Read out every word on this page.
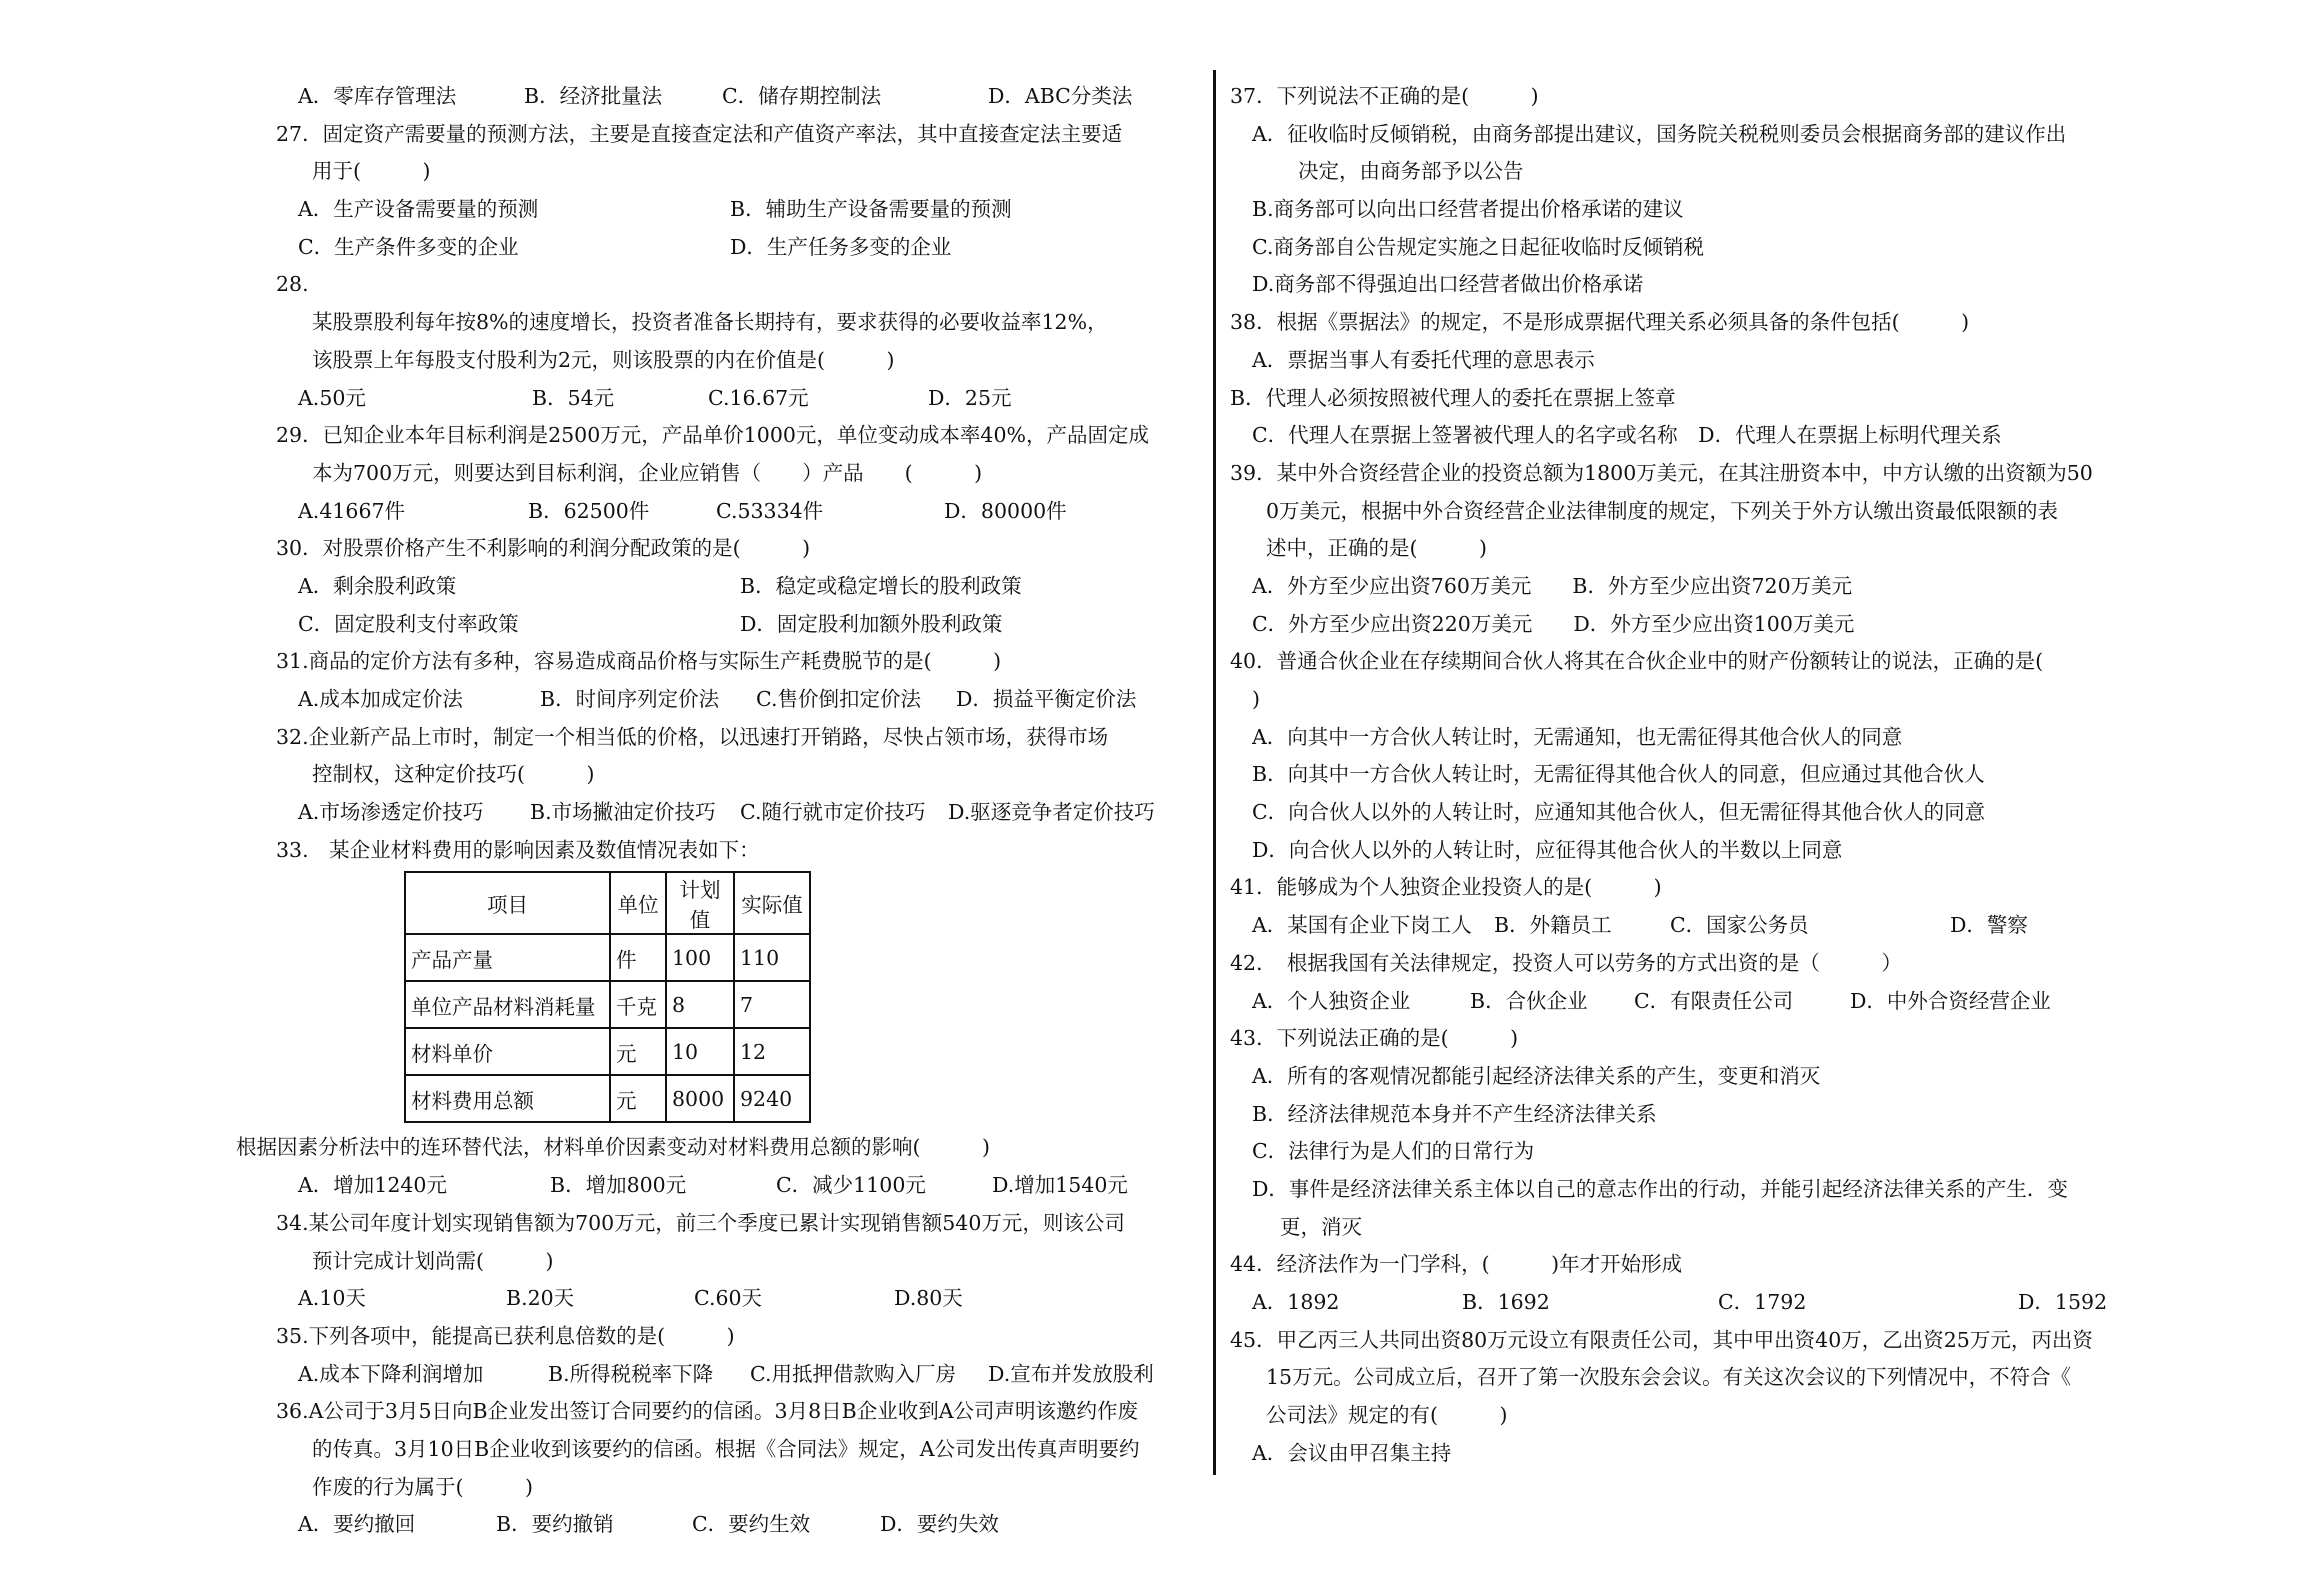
A．零库存管理法	B．经济批量法	C．储存期控制法	D．ABC分类法
27．固定资产需要量的预测方法，主要是直接查定法和产值资产率法，其中直接查定法主要适
用于(　　　)
A．生产设备需要量的预测	B．辅助生产设备需要量的预测
C．生产条件多变的企业	D．生产任务多变的企业
28.
某股票股利每年按8%的速度增长，投资者准备长期持有，要求获得的必要收益率12%，
该股票上年每股支付股利为2元，则该股票的内在价值是(　　　)
A.50元	B．54元	C.16.67元	D．25元
29．已知企业本年目标利润是2500万元，产品单价1000元，单位变动成本率40%，产品固定成
本为700万元，则要达到目标利润，企业应销售（　　）产品　　(　　　)
A.41667件	B．62500件	C.53334件	D．80000件
30．对股票价格产生不利影响的利润分配政策的是(　　　)
A．剩余股利政策	B．稳定或稳定增长的股利政策
C．固定股利支付率政策	D．固定股利加额外股利政策
31.商品的定价方法有多种，容易造成商品价格与实际生产耗费脱节的是(　　　)
A.成本加成定价法	B．时间序列定价法 C.售价倒扣定价法 D．损益平衡定价法
32.企业新产品上市时，制定一个相当低的价格，以迅速打开销路，尽快占领市场，获得市场
控制权，这种定价技巧(　　　)
A.市场渗透定价技巧 B.市场撇油定价技巧 C.随行就市定价技巧 D.驱逐竞争者定价技巧
33.　某企业材料费用的影响因素及数值情况表如下：
项目	单位	计划值	实际值
产品产量	件	100	110
单位产品材料消耗量	千克	8	7
材料单价	元	10	12
材料费用总额	元	8000	9240
根据因素分析法中的连环替代法，材料单价因素变动对材料费用总额的影响(　　　)
A．增加1240元	B．增加800元	C．减少1100元	D.增加1540元
34.某公司年度计划实现销售额为700万元，前三个季度已累计实现销售额540万元，则该公司
预计完成计划尚需(　　　)
A.10天	B.20天	C.60天	D.80天
35.下列各项中，能提高已获利息倍数的是(　　　)
A.成本下降利润增加	B.所得税税率下降 C.用抵押借款购入厂房 D.宣布并发放股利
36.A公司于3月5日向B企业发出签订合同要约的信函。3月8日B企业收到A公司声明该邀约作废
的传真。3月10日B企业收到该要约的信函。根据《合同法》规定，A公司发出传真声明要约
作废的行为属于(　　　)
A．要约撤回	B．要约撤销	C．要约生效	D．要约失效
37．下列说法不正确的是(　　　)
A．征收临时反倾销税，由商务部提出建议，国务院关税税则委员会根据商务部的建议作出
决定，由商务部予以公告
B.商务部可以向出口经营者提出价格承诺的建议
C.商务部自公告规定实施之日起征收临时反倾销税
D.商务部不得强迫出口经营者做出价格承诺
38．根据《票据法》的规定，不是形成票据代理关系必须具备的条件包括(　　　)
A．票据当事人有委托代理的意思表示
B．代理人必须按照被代理人的委托在票据上签章
C．代理人在票据上签署被代理人的名字或名称　D．代理人在票据上标明代理关系
39．某中外合资经营企业的投资总额为1800万美元，在其注册资本中，中方认缴的出资额为50
0万美元，根据中外合资经营企业法律制度的规定，下列关于外方认缴出资最低限额的表
述中，正确的是(　　　)
A．外方至少应出资760万美元　　B．外方至少应出资720万美元
C．外方至少应出资220万美元　　D．外方至少应出资100万美元
40．普通合伙企业在存续期间合伙人将其在合伙企业中的财产份额转让的说法，正确的是(
)
A．向其中一方合伙人转让时，无需通知，也无需征得其他合伙人的同意
B．向其中一方合伙人转让时，无需征得其他合伙人的同意，但应通过其他合伙人
C．向合伙人以外的人转让时，应通知其他合伙人，但无需征得其他合伙人的同意
D．向合伙人以外的人转让时，应征得其他合伙人的半数以上同意
41．能够成为个人独资企业投资人的是(　　　)
A．某国有企业下岗工人 B．外籍员工	C．国家公务员	D．警察
42．　根据我国有关法律规定，投资人可以劳务的方式出资的是（　　　）
A．个人独资企业	B．合伙企业 C．有限责任公司	D．中外合资经营企业
43．下列说法正确的是(　　　)
A．所有的客观情况都能引起经济法律关系的产生，变更和消灭
B．经济法律规范本身并不产生经济法律关系
C．法律行为是人们的日常行为
D．事件是经济法律关系主体以自己的意志作出的行动，并能引起经济法律关系的产生．变
更，消灭
44．经济法作为一门学科，(　　　)年才开始形成
A．1892	B．1692	C．1792	D．1592
45．甲乙丙三人共同出资80万元设立有限责任公司，其中甲出资40万，乙出资25万元，丙出资
15万元。公司成立后，召开了第一次股东会会议。有关这次会议的下列情况中，不符合《
公司法》规定的有(　　　)
A．会议由甲召集主持
